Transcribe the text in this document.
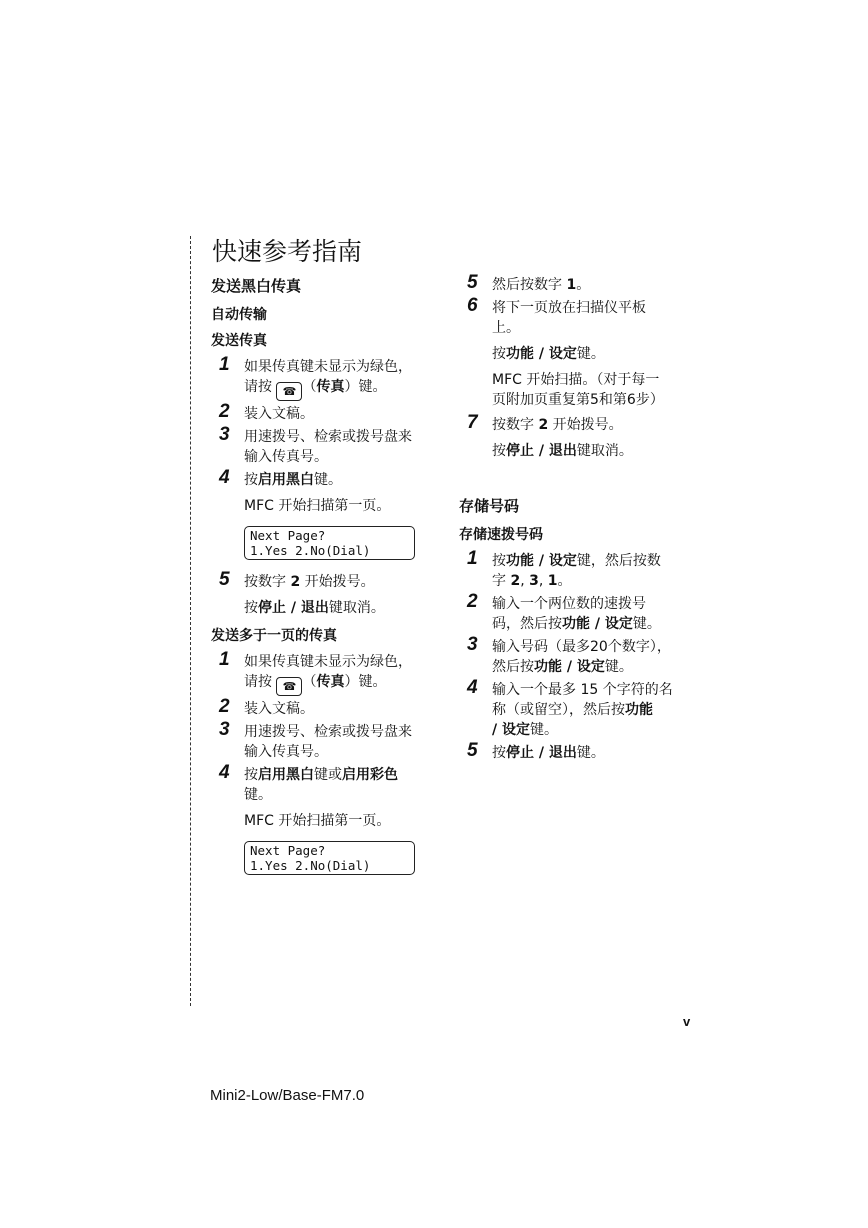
快速参考指南
发送黑白传真
自动传输
发送传真
1 如果传真键未显示为绿色，
请按 ☎ （传真）键。
2 装入文稿。
3 用速拨号、检索或拨号盘来
输入传真号。
4 按启用黑白键。
MFC 开始扫描第一页。
Next Page?
1.Yes 2.No(Dial)
5 按数字 2 开始拨号。
按停止 / 退出键取消。
发送多于一页的传真
1 如果传真键未显示为绿色，
请按 ☎ （传真）键。
2 装入文稿。
3 用速拨号、检索或拨号盘来
输入传真号。
4 按启用黑白键或启用彩色
键。
MFC 开始扫描第一页。
Next Page?
1.Yes 2.No(Dial)
5 然后按数字 1。
6 将下一页放在扫描仪平板
上。
按功能 / 设定键。
MFC 开始扫描。（对于每一
页附加页重复第5和第6步）
7 按数字 2 开始拨号。
按停止 / 退出键取消。
存储号码
存储速拨号码
1 按功能 / 设定键，然后按数
字 2, 3, 1。
2 输入一个两位数的速拨号
码，然后按功能 / 设定键。
3 输入号码（最多20个数字），
然后按功能 / 设定键。
4 输入一个最多 15 个字符的名
称（或留空），然后按功能
/ 设定键。
5 按停止 / 退出键。
v
Mini2-Low/Base-FM7.0
